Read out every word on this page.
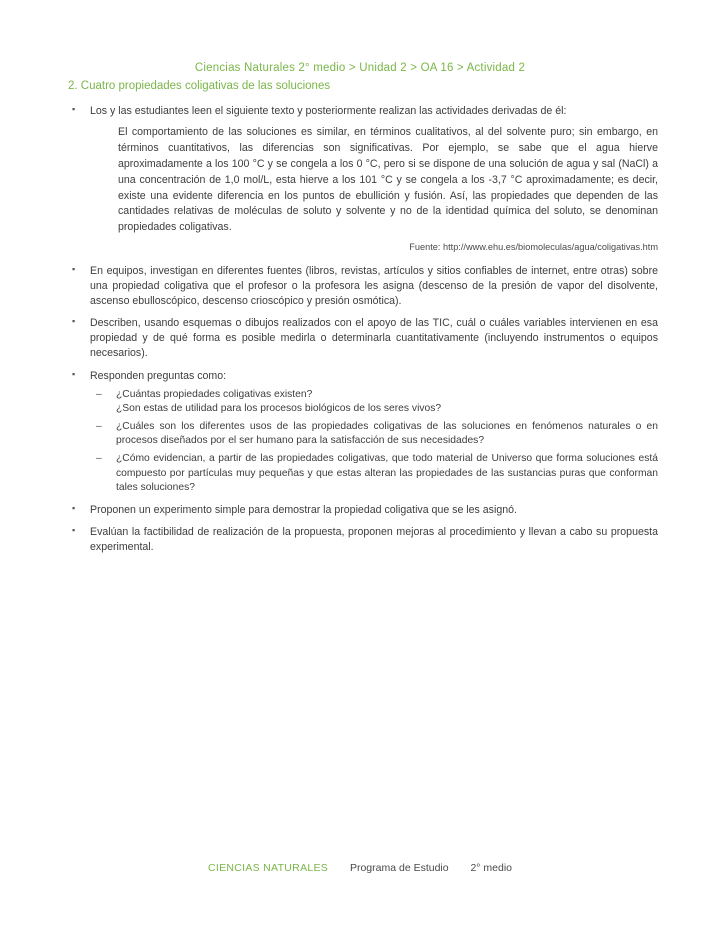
Ciencias Naturales 2° medio > Unidad 2 > OA 16 > Actividad 2
2. Cuatro propiedades coligativas de las soluciones
▪ Los y las estudiantes leen el siguiente texto y posteriormente realizan las actividades derivadas de él:
El comportamiento de las soluciones es similar, en términos cualitativos, al del solvente puro; sin embargo, en términos cuantitativos, las diferencias son significativas. Por ejemplo, se sabe que el agua hierve aproximadamente a los 100 °C y se congela a los 0 °C, pero si se dispone de una solución de agua y sal (NaCl) a una concentración de 1,0 mol/L, esta hierve a los 101 °C y se congela a los -3,7 °C aproximadamente; es decir, existe una evidente diferencia en los puntos de ebullición y fusión. Así, las propiedades que dependen de las cantidades relativas de moléculas de soluto y solvente y no de la identidad química del soluto, se denominan propiedades coligativas.
Fuente: http://www.ehu.es/biomoleculas/agua/coligativas.htm
▪ En equipos, investigan en diferentes fuentes (libros, revistas, artículos y sitios confiables de internet, entre otras) sobre una propiedad coligativa que el profesor o la profesora les asigna (descenso de la presión de vapor del disolvente, ascenso ebulloscópico, descenso crioscópico y presión osmótica).
▪ Describen, usando esquemas o dibujos realizados con el apoyo de las TIC, cuál o cuáles variables intervienen en esa propiedad y de qué forma es posible medirla o determinarla cuantitativamente (incluyendo instrumentos o equipos necesarios).
▪ Responden preguntas como:
– ¿Cuántas propiedades coligativas existen?
¿Son estas de utilidad para los procesos biológicos de los seres vivos?
– ¿Cuáles son los diferentes usos de las propiedades coligativas de las soluciones en fenómenos naturales o en procesos diseñados por el ser humano para la satisfacción de sus necesidades?
– ¿Cómo evidencian, a partir de las propiedades coligativas, que todo material de Universo que forma soluciones está compuesto por partículas muy pequeñas y que estas alteran las propiedades de las sustancias puras que conforman tales soluciones?
▪ Proponen un experimento simple para demostrar la propiedad coligativa que se les asignó.
▪ Evalúan la factibilidad de realización de la propuesta, proponen mejoras al procedimiento y llevan a cabo su propuesta experimental.
CIENCIAS NATURALES Programa de Estudio 2° medio
